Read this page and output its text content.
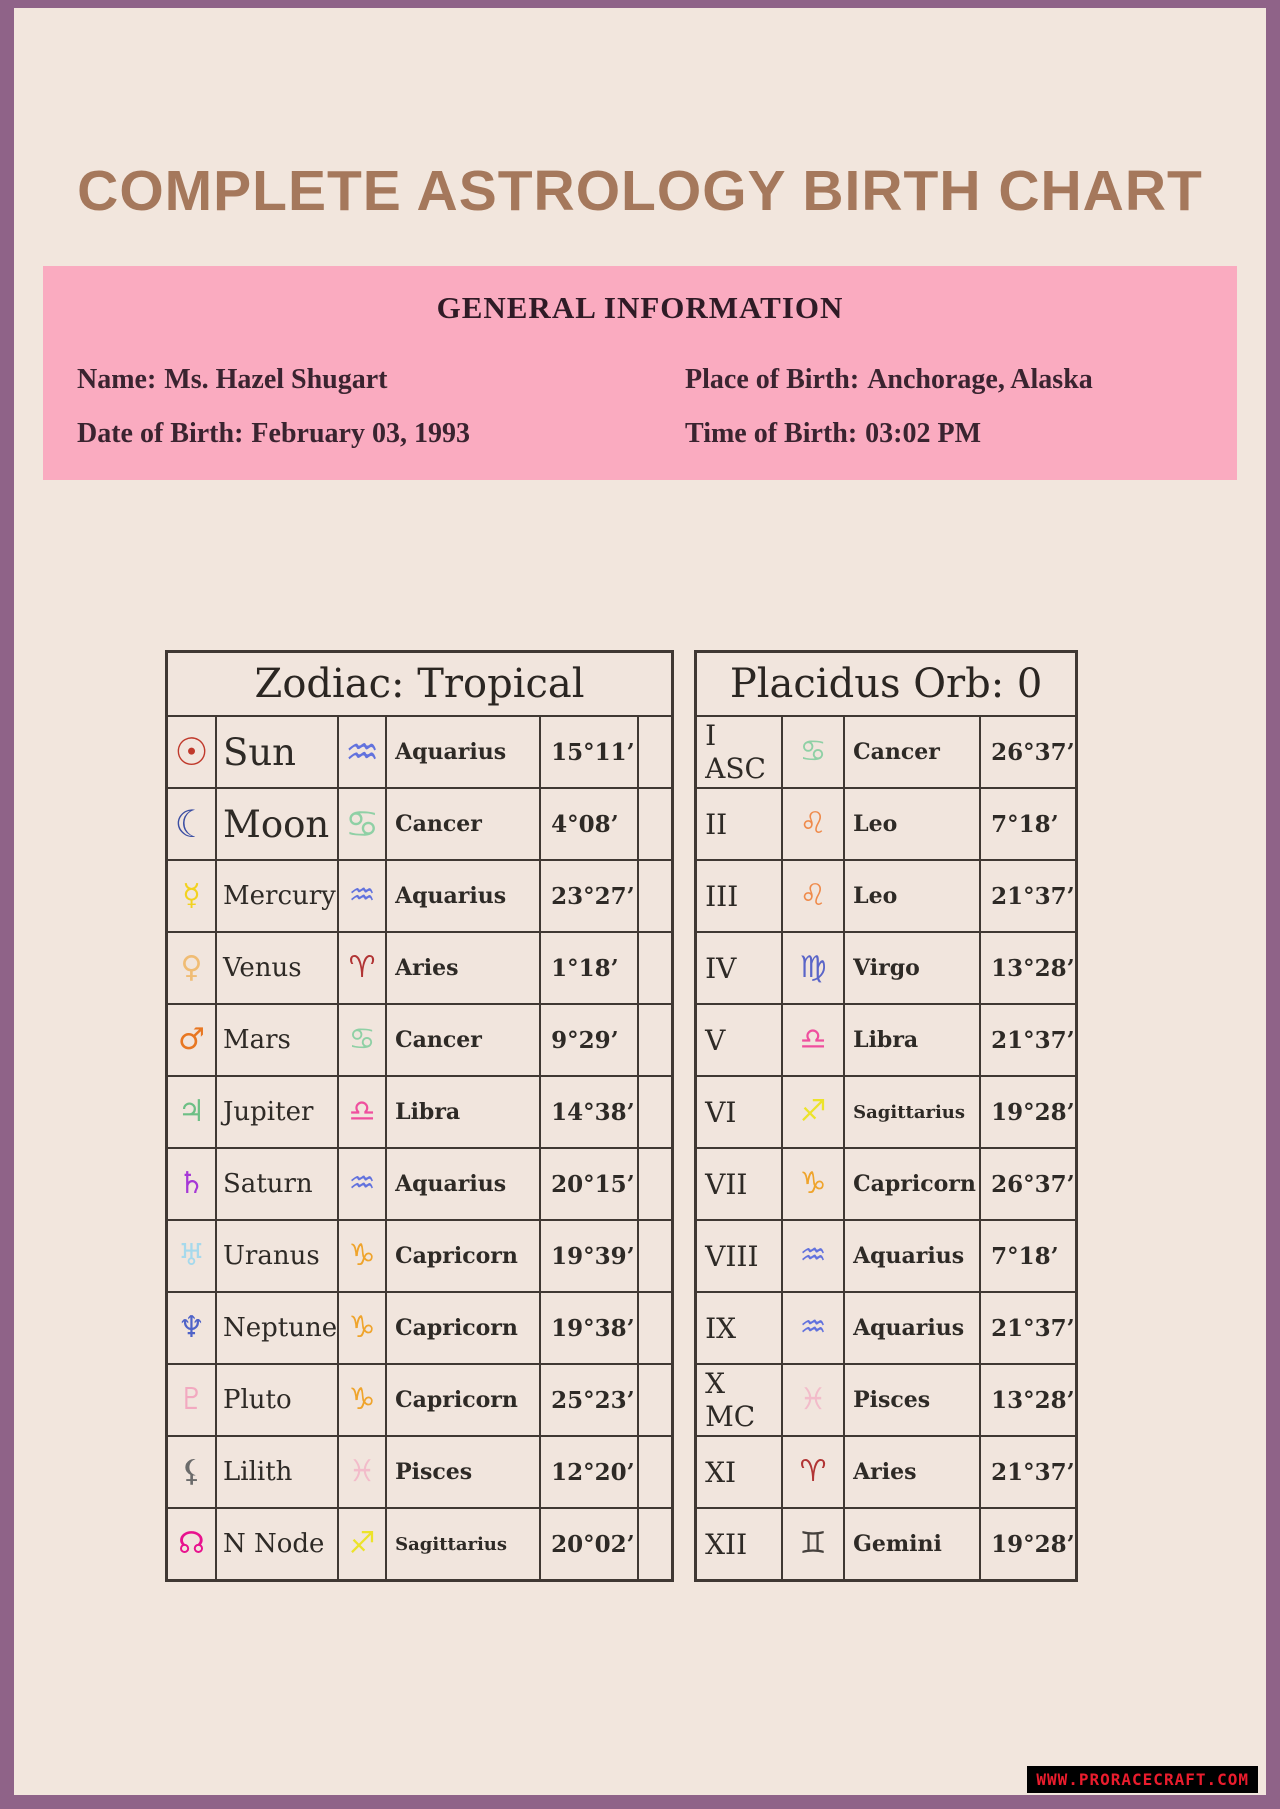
COMPLETE ASTROLOGY BIRTH CHART
GENERAL INFORMATION
Name: Ms. Hazel Shugart	Place of Birth: Anchorage, Alaska
Date of Birth: February 03, 1993	Time of Birth: 03:02 PM
Zodiac: Tropical					
☉	Sun	♒	Aquarius	15°11’	
☾	Moon	♋	Cancer	4°08’	
☿	Mercury	♒	Aquarius	23°27’	
♀	Venus	♈	Aries	1°18’	
♂	Mars	♋	Cancer	9°29’	
♃	Jupiter	♎	Libra	14°38’	
♄	Saturn	♒	Aquarius	20°15’	
♅	Uranus	♑	Capricorn	19°39’	
♆	Neptune	♑	Capricorn	19°38’	
♇	Pluto	♑	Capricorn	25°23’	
⚸	Lilith	♓	Pisces	12°20’	
☊	N Node	♐	Sagittarius	20°02’	
Placidus Orb: 0			
I ASC	♋	Cancer	26°37’
II	♌	Leo	7°18’
III	♌	Leo	21°37’
IV	♍	Virgo	13°28’
V	♎	Libra	21°37’
VI	♐	Sagittarius	19°28’
VII	♑	Capricorn	26°37’
VIII	♒	Aquarius	7°18’
IX	♒	Aquarius	21°37’
X MC	♓	Pisces	13°28’
XI	♈	Aries	21°37’
XII	♊	Gemini	19°28’
WWW.PRORACECRAFT.COM
